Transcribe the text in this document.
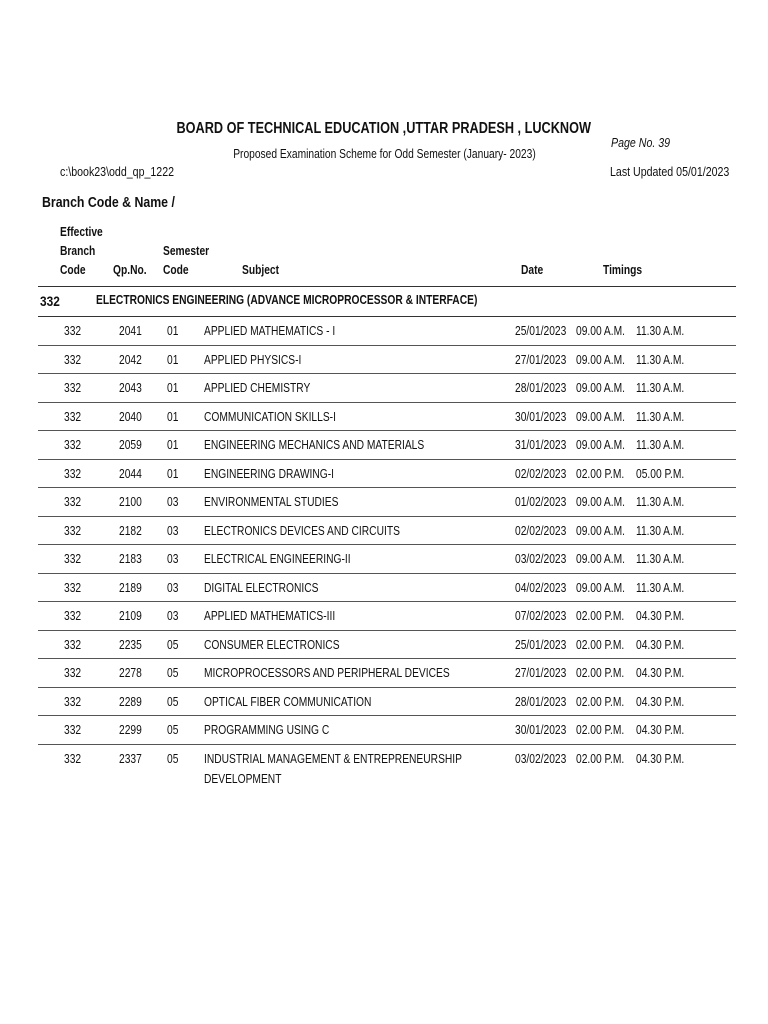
BOARD OF TECHNICAL EDUCATION ,UTTAR PRADESH , LUCKNOW
Proposed Examination Scheme for Odd Semester (January- 2023)
Page No. 39
c:\book23\odd_qp_1222	Last Updated 05/01/2023
Branch Code & Name /
Effective
Branch
Code	Qp.No.
Semester
Code	Subject	Date	Timings
332	ELECTRONICS ENGINEERING (ADVANCE MICROPROCESSOR & INTERFACE)
332	2041	01 APPLIED MATHEMATICS - I	25/01/2023 09.00 A.M. 11.30 A.M.
332	2042	01 APPLIED PHYSICS-I	27/01/2023 09.00 A.M. 11.30 A.M.
332	2043	01 APPLIED CHEMISTRY	28/01/2023 09.00 A.M. 11.30 A.M.
332	2040	01 COMMUNICATION SKILLS-I	30/01/2023 09.00 A.M. 11.30 A.M.
332	2059	01 ENGINEERING MECHANICS AND MATERIALS	31/01/2023 09.00 A.M. 11.30 A.M.
332	2044	01 ENGINEERING DRAWING-I	02/02/2023 02.00 P.M. 05.00 P.M.
332	2100	03 ENVIRONMENTAL STUDIES	01/02/2023 09.00 A.M. 11.30 A.M.
332	2182	03 ELECTRONICS DEVICES AND CIRCUITS	02/02/2023 09.00 A.M. 11.30 A.M.
332	2183	03 ELECTRICAL ENGINEERING-II	03/02/2023 09.00 A.M. 11.30 A.M.
332	2189	03 DIGITAL ELECTRONICS	04/02/2023 09.00 A.M. 11.30 A.M.
332	2109	03 APPLIED MATHEMATICS-III	07/02/2023 02.00 P.M. 04.30 P.M.
332	2235	05 CONSUMER ELECTRONICS	25/01/2023 02.00 P.M. 04.30 P.M.
332	2278	05 MICROPROCESSORS AND PERIPHERAL DEVICES	27/01/2023 02.00 P.M. 04.30 P.M.
332	2289	05 OPTICAL FIBER COMMUNICATION	28/01/2023 02.00 P.M. 04.30 P.M.
332	2299	05 PROGRAMMING USING C	30/01/2023 02.00 P.M. 04.30 P.M.
332	2337	05 INDUSTRIAL MANAGEMENT & ENTREPRENEURSHIP DEVELOPMENT
03/02/2023 02.00 P.M. 04.30 P.M.
